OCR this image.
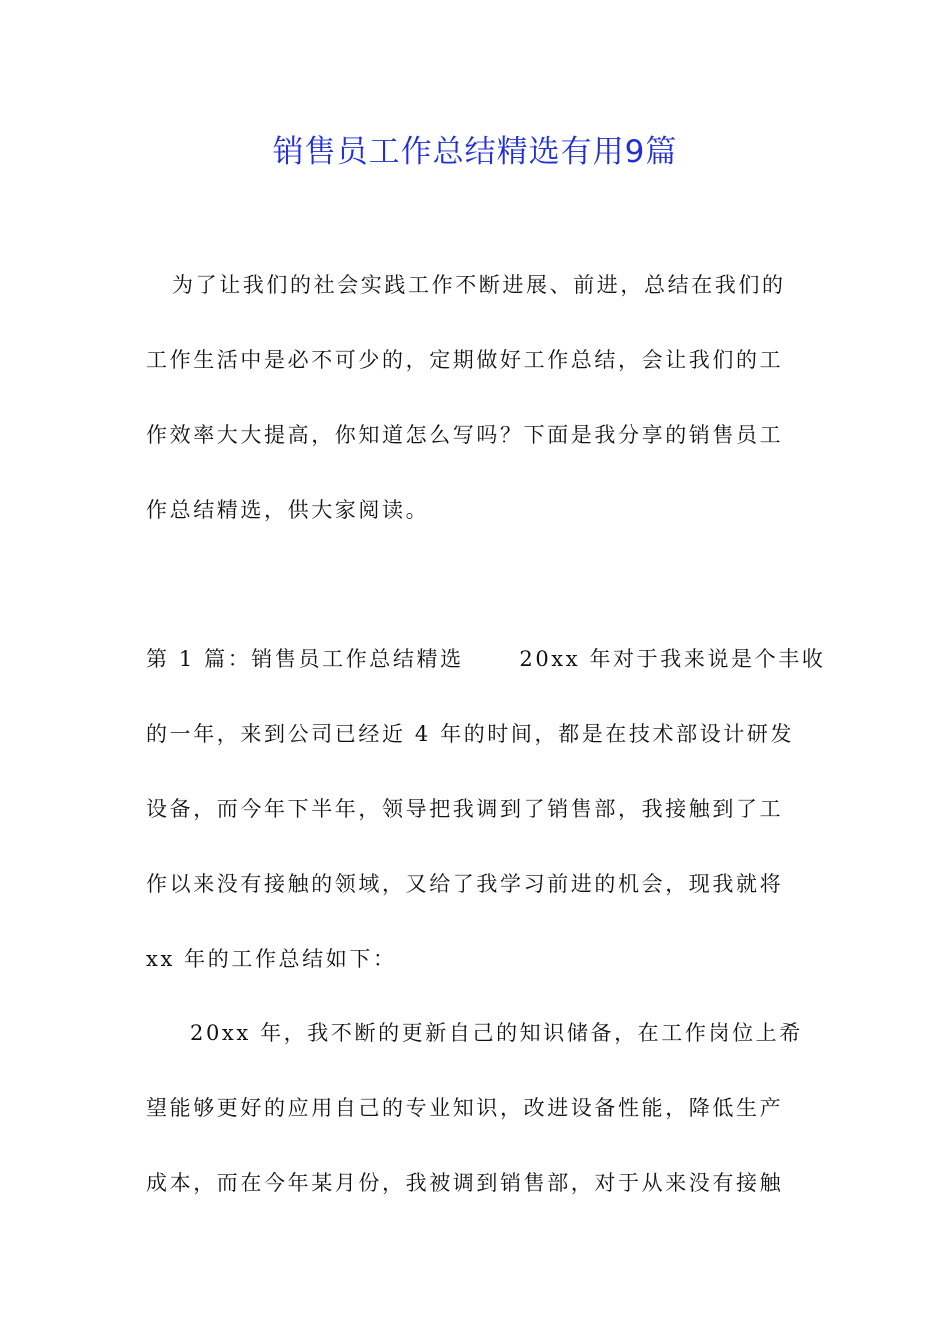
销售员工作总结精选有用9篇
为了让我们的社会实践工作不断进展、前进，总结在我们的
工作生活中是必不可少的，定期做好工作总结，会让我们的工
作效率大大提高，你知道怎么写吗？下面是我分享的销售员工
作总结精选，供大家阅读。
第 1 篇：销售员工作总结精选      20xx 年对于我来说是个丰收
的一年，来到公司已经近 4 年的时间，都是在技术部设计研发
设备，而今年下半年，领导把我调到了销售部，我接触到了工
作以来没有接触的领域，又给了我学习前进的机会，现我就将
xx 年的工作总结如下：
20xx 年，我不断的更新自己的知识储备，在工作岗位上希
望能够更好的应用自己的专业知识，改进设备性能，降低生产
成本，而在今年某月份，我被调到销售部，对于从来没有接触
